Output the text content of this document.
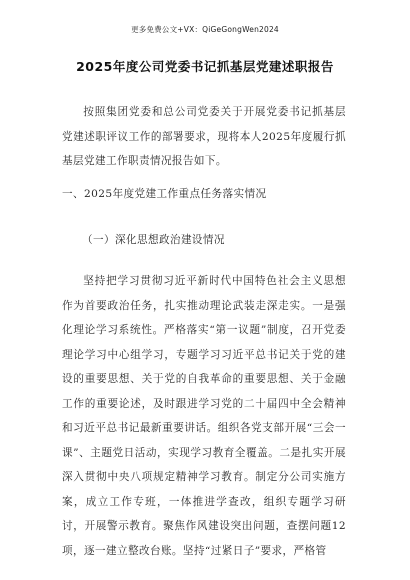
更多免费公文+VX：QiGeGongWen2024
2025年度公司党委书记抓基层党建述职报告

按照集团党委和总公司党委关于开展党委书记抓基层党建述职评议工作的部署要求，现将本人2025年度履行抓基层党建工作职责情况报告如下。

一、2025年度党建工作重点任务落实情况
（一）深化思想政治建设情况

坚持把学习贯彻习近平新时代中国特色社会主义思想作为首要政治任务，扎实推动理论武装走深走实。一是强化理论学习系统性。严格落实“第一议题”制度，召开党委理论学习中心组学习，专题学习习近平总书记关于党的建设的重要思想、关于党的自我革命的重要思想、关于金融工作的重要论述，及时跟进学习党的二十届四中全会精神和习近平总书记最新重要讲话。组织各党支部开展“三会一课”、主题党日活动，实现学习教育全覆盖。二是扎实开展深入贯彻中央八项规定精神学习教育。制定分公司实施方案，成立工作专班，一体推进学查改，组织专题学习研讨，开展警示教育。聚焦作风建设突出问题，查摆问题12项，逐一建立整改台账。坚持“过紧日子”要求，严格管
